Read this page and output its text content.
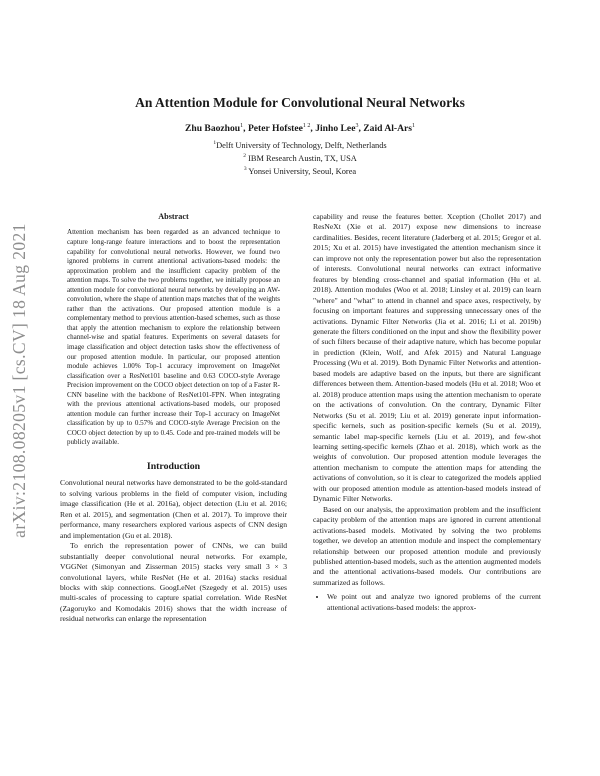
arXiv:2108.08205v1 [cs.CV] 18 Aug 2021
An Attention Module for Convolutional Neural Networks
Zhu Baozhou$^1$, Peter Hofstee$^{1 2}$, Jinho Lee$^3$, Zaid Al-Ars$^1$
$^1$Delft University of Technology, Delft, Netherlands
$^2$ IBM Research Austin, TX, USA
$^3$ Yonsei University, Seoul, Korea
Abstract
Attention mechanism has been regarded as an advanced technique to capture long-range feature interactions and to boost the representation capability for convolutional neural networks. However, we found two ignored problems in current attentional activations-based models: the approximation problem and the insufficient capacity problem of the attention maps. To solve the two problems together, we initially propose an attention module for convolutional neural networks by developing an AW-convolution, where the shape of attention maps matches that of the weights rather than the activations. Our proposed attention module is a complementary method to previous attention-based schemes, such as those that apply the attention mechanism to explore the relationship between channel-wise and spatial features. Experiments on several datasets for image classification and object detection tasks show the effectiveness of our proposed attention module. In particular, our proposed attention module achieves 1.00% Top-1 accuracy improvement on ImageNet classification over a ResNet101 baseline and 0.63 COCO-style Average Precision improvement on the COCO object detection on top of a Faster R-CNN baseline with the backbone of ResNet101-FPN. When integrating with the previous attentional activations-based models, our proposed attention module can further increase their Top-1 accuracy on ImageNet classification by up to 0.57% and COCO-style Average Precision on the COCO object detection by up to 0.45. Code and pre-trained models will be publicly available.
Introduction

Convolutional neural networks have demonstrated to be the gold-standard to solving various problems in the field of computer vision, including image classification (He et al. 2016a), object detection (Liu et al. 2016; Ren et al. 2015), and segmentation (Chen et al. 2017). To improve their performance, many researchers explored various aspects of CNN design and implementation (Gu et al. 2018).

To enrich the representation power of CNNs, we can build substantially deeper convolutional neural networks. For example, VGGNet (Simonyan and Zisserman 2015) stacks very small 3 × 3 convolutional layers, while ResNet (He et al. 2016a) stacks residual blocks with skip connections. GoogLeNet (Szegedy et al. 2015) uses multi-scales of processing to capture spatial correlation. Wide ResNet (Zagoruyko and Komodakis 2016) shows that the width increase of residual networks can enlarge the representation

capability and reuse the features better. Xception (Chollet 2017) and ResNeXt (Xie et al. 2017) expose new dimensions to increase cardinalities. Besides, recent literature (Jaderberg et al. 2015; Gregor et al. 2015; Xu et al. 2015) have investigated the attention mechanism since it can improve not only the representation power but also the representation of interests. Convolutional neural networks can extract informative features by blending cross-channel and spatial information (Hu et al. 2018). Attention modules (Woo et al. 2018; Linsley et al. 2019) can learn "where" and "what" to attend in channel and space axes, respectively, by focusing on important features and suppressing unnecessary ones of the activations. Dynamic Filter Networks (Jia et al. 2016; Li et al. 2019b) generate the filters conditioned on the input and show the flexibility power of such filters because of their adaptive nature, which has become popular in prediction (Klein, Wolf, and Afek 2015) and Natural Language Processing (Wu et al. 2019). Both Dynamic Filter Networks and attention-based models are adaptive based on the inputs, but there are significant differences between them. Attention-based models (Hu et al. 2018; Woo et al. 2018) produce attention maps using the attention mechanism to operate on the activations of convolution. On the contrary, Dynamic Filter Networks (Su et al. 2019; Liu et al. 2019) generate input information-specific kernels, such as position-specific kernels (Su et al. 2019), semantic label map-specific kernels (Liu et al. 2019), and few-shot learning setting-specific kernels (Zhao et al. 2018), which work as the weights of convolution. Our proposed attention module leverages the attention mechanism to compute the attention maps for attending the activations of convolution, so it is clear to categorized the models applied with our proposed attention module as attention-based models instead of Dynamic Filter Networks.

Based on our analysis, the approximation problem and the insufficient capacity problem of the attention maps are ignored in current attentional activations-based models. Motivated by solving the two problems together, we develop an attention module and inspect the complementary relationship between our proposed attention module and previously published attention-based models, such as the attention augmented models and the attentional activations-based models. Our contributions are summarized as follows.

• We point out and analyze two ignored problems of the current attentional activations-based models: the approx-
